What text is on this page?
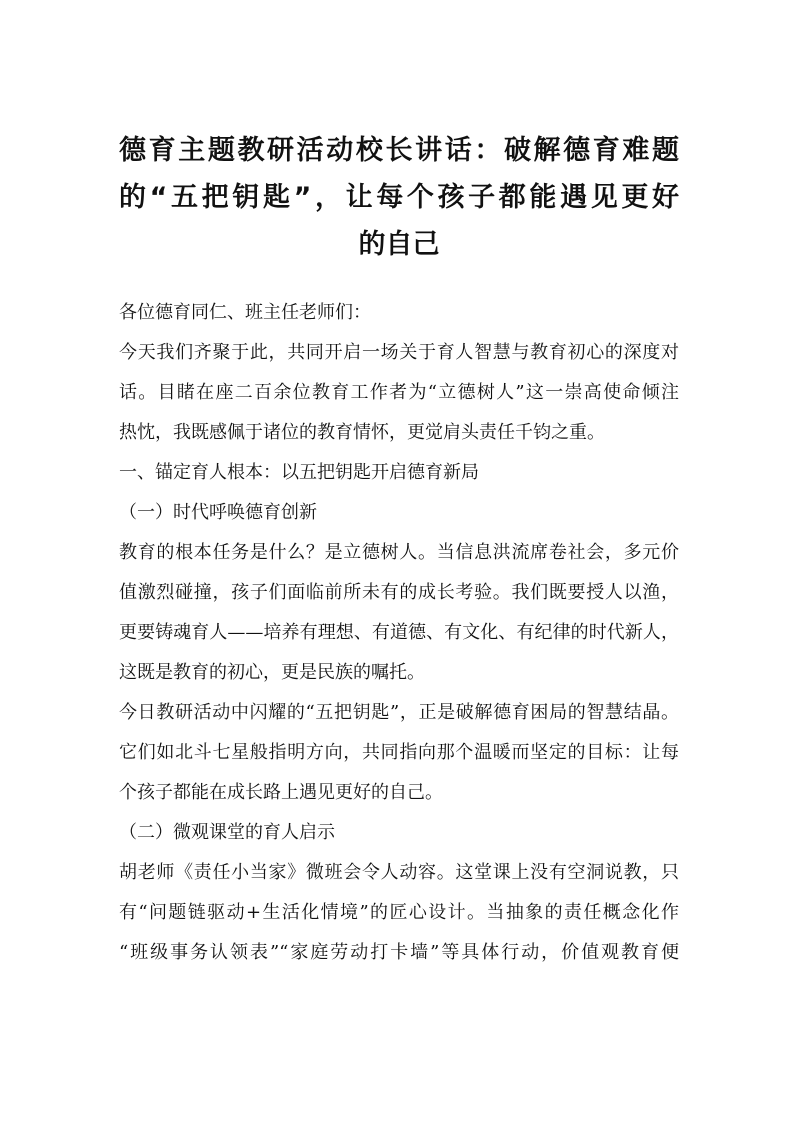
德育主题教研活动校长讲话：破解德育难题
的“五把钥匙”，让每个孩子都能遇见更好
的自己
各位德育同仁、班主任老师们：
今天我们齐聚于此，共同开启一场关于育人智慧与教育初心的深度对
话。目睹在座二百余位教育工作者为“立德树人”这一崇高使命倾注
热忱，我既感佩于诸位的教育情怀，更觉肩头责任千钧之重。
一、锚定育人根本：以五把钥匙开启德育新局
（一）时代呼唤德育创新
教育的根本任务是什么？是立德树人。当信息洪流席卷社会，多元价
值激烈碰撞，孩子们面临前所未有的成长考验。我们既要授人以渔，
更要铸魂育人——培养有理想、有道德、有文化、有纪律的时代新人，
这既是教育的初心，更是民族的嘱托。
今日教研活动中闪耀的“五把钥匙”，正是破解德育困局的智慧结晶。
它们如北斗七星般指明方向，共同指向那个温暖而坚定的目标：让每
个孩子都能在成长路上遇见更好的自己。
（二）微观课堂的育人启示
胡老师《责任小当家》微班会令人动容。这堂课上没有空洞说教，只
有“问题链驱动+生活化情境”的匠心设计。当抽象的责任概念化作
“班级事务认领表”“家庭劳动打卡墙”等具体行动，价值观教育便
